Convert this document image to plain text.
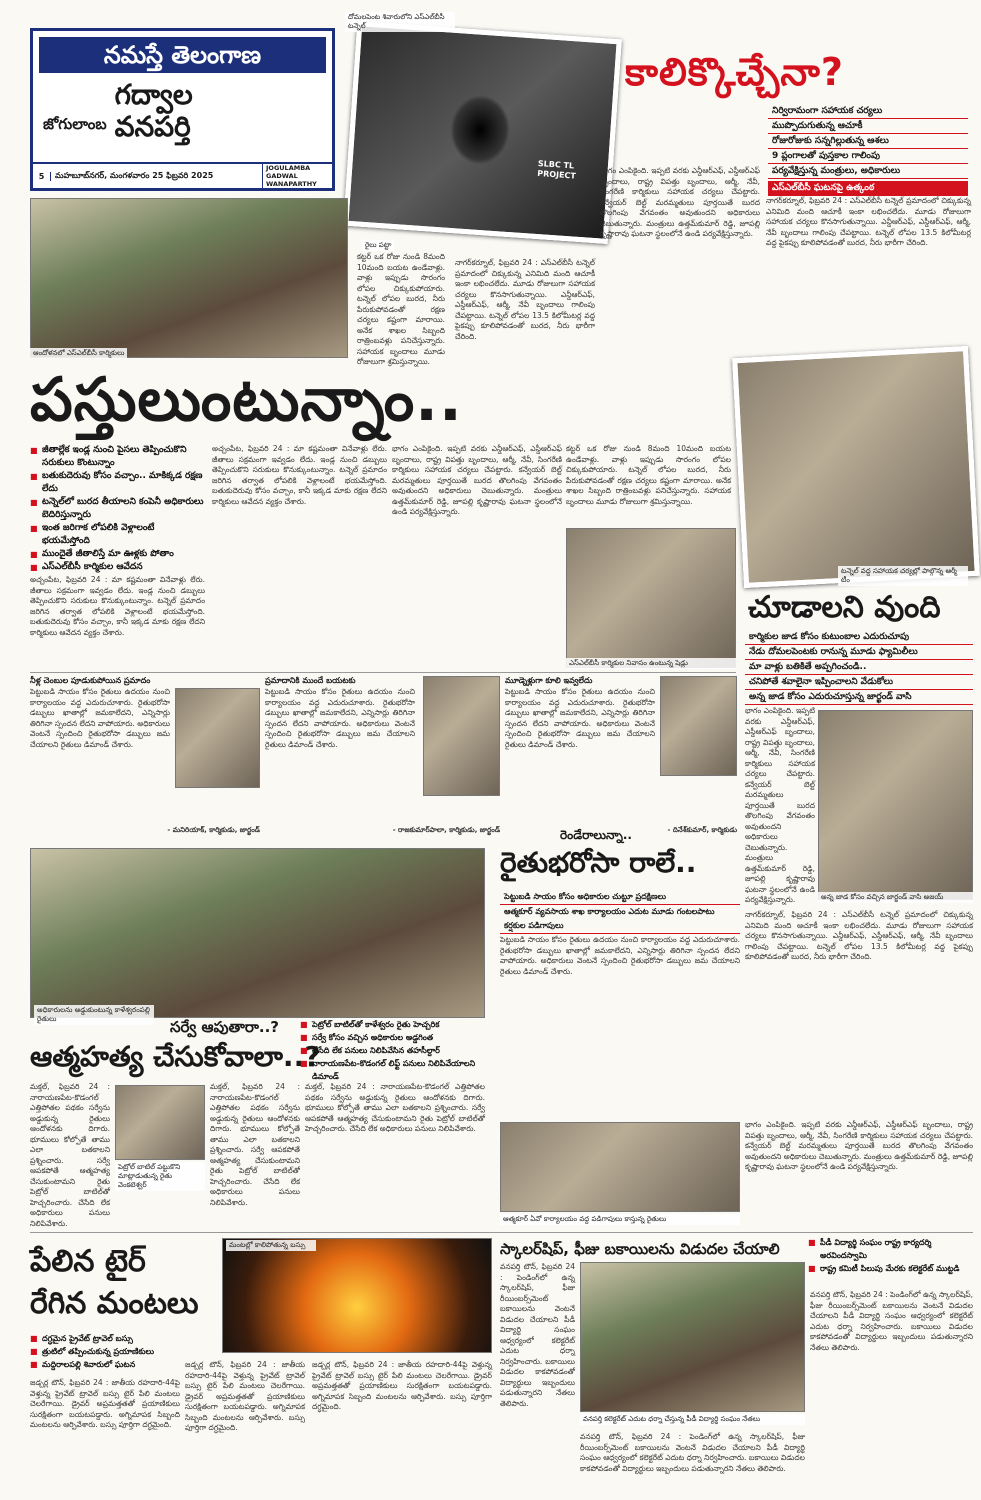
నమస్తే తెలంగాణ
జోగులాంబ
గద్వాల
వనపర్తి
5	మహబూబ్‌నగర్, మంగళవారం 25 ఫిబ్రవరి 2025
JOGULAMBA GADWAL WANAPARTHY
SLBC TL PROJECT
దోమలపెంట శివారులోని ఎస్‌ఎల్‌బీసీ టన్నెల్
కాలిక్కొచ్చేనా?
నిర్విరామంగా సహాయక చర్యలు
ముప్పొదుగుతున్న ఆచూకీ
రోజురోజుకు సన్నగిల్లుతున్న ఆశలు
9 ప్లంగాలతో పుస్తకాల గాలింపు
పర్యవేక్షిస్తున్న మంత్రులు, అధికారులు
ఎస్‌ఎల్‌బీసీ ఘటనపై ఉత్కంఠ
కట్టర్ ఒక రోజు నుండి 8మంది 10మంది బయట ఉండేవాళ్లు. వాళ్లు ఇప్పుడు సొరంగం లోపల చిక్కుకుపోయారు. టన్నెల్ లోపల బురద, నీరు పేరుకుపోవడంతో రక్షణ చర్యలు కష్టంగా మారాయి. అనేక శాఖల సిబ్బంది రాత్రింబవళ్లు పనిచేస్తున్నారు. సహాయక బృందాలు మూడు రోజులుగా శ్రమిస్తున్నాయి.
నాగర్‌కర్నూల్, ఫిబ్రవరి 24 : ఎస్‌ఎల్‌బీసీ టన్నెల్ ప్రమాదంలో చిక్కుకున్న ఎనిమిది మంది ఆచూకీ ఇంకా లభించలేదు. మూడు రోజులుగా సహాయక చర్యలు కొనసాగుతున్నాయి. ఎన్డీఆర్ఎఫ్, ఎస్డీఆర్ఎఫ్, ఆర్మీ, నేవీ బృందాలు గాలింపు చేపట్టాయి. టన్నెల్ లోపల 13.5 కిలోమీటర్ల వద్ద పైకప్పు కూలిపోవడంతో బురద, నీరు భారీగా చేరింది.
భాగం ఎంపికైంది. ఇప్పటి వరకు ఎన్డీఆర్ఎఫ్, ఎస్డీఆర్ఎఫ్ బృందాలు, రాష్ట్ర విపత్తు బృందాలు, ఆర్మీ, నేవీ, సింగరేణి కార్మికులు సహాయక చర్యలు చేపట్టారు. కన్వేయర్ బెల్ట్ మరమ్మతులు పూర్తయితే బురద తొలగింపు వేగవంతం అవుతుందని అధికారులు చెబుతున్నారు. మంత్రులు ఉత్తమ్‌కుమార్ రెడ్డి, జూపల్లి కృష్ణారావు ఘటనా స్థలంలోనే ఉండి పర్యవేక్షిస్తున్నారు.
నాగర్‌కర్నూల్, ఫిబ్రవరి 24 : ఎస్‌ఎల్‌బీసీ టన్నెల్ ప్రమాదంలో చిక్కుకున్న ఎనిమిది మంది ఆచూకీ ఇంకా లభించలేదు. మూడు రోజులుగా సహాయక చర్యలు కొనసాగుతున్నాయి. ఎన్డీఆర్ఎఫ్, ఎస్డీఆర్ఎఫ్, ఆర్మీ, నేవీ బృందాలు గాలింపు చేపట్టాయి. టన్నెల్ లోపల 13.5 కిలోమీటర్ల వద్ద పైకప్పు కూలిపోవడంతో బురద, నీరు భారీగా చేరింది.
ఆందోళనలో ఎస్‌ఎల్‌బీసీ కార్మికులు
రైలు పట్టా
పస్తులుంటున్నాం..
టన్నెల్ వద్ద సహాయక చర్యల్లో పాల్గొన్న ఆర్మీ టీం
■ జీతాల్లేక ఇండ్ల నుంచి పైసలు తెప్పించుకొని సరుకులు కొంటున్నాం
■ బతుకుదెరువు కోసం వచ్చాం.. మాకిక్కడ రక్షణ లేదు
■ టన్నెల్‌లో బురద తీయాలని కంపెనీ అధికారులు బెదిరిస్తున్నారు
■ ఇంత జరిగాక లోపలికి వెళ్లాలంటే భయమేస్తోంది
■ ముందైతే జీతాలిస్తే మా ఊళ్లకు పోతాం
■ ఎస్‌ఎల్‌బీసీ కార్మికుల ఆవేదన
అచ్చంపేట, ఫిబ్రవరి 24 : మా కష్టమంతా వినేవాళ్లు లేరు. జీతాలు సక్రమంగా ఇవ్వడం లేదు. ఇండ్ల నుంచి డబ్బులు తెప్పించుకొని సరుకులు కొనుక్కుంటున్నాం. టన్నెల్ ప్రమాదం జరిగిన తర్వాత లోపలికి వెళ్లాలంటే భయమేస్తోంది. బతుకుదెరువు కోసం వచ్చాం, కానీ ఇక్కడ మాకు రక్షణ లేదని కార్మికులు ఆవేదన వ్యక్తం చేశారు.
అచ్చంపేట, ఫిబ్రవరి 24 : మా కష్టమంతా వినేవాళ్లు లేరు. జీతాలు సక్రమంగా ఇవ్వడం లేదు. ఇండ్ల నుంచి డబ్బులు తెప్పించుకొని సరుకులు కొనుక్కుంటున్నాం. టన్నెల్ ప్రమాదం జరిగిన తర్వాత లోపలికి వెళ్లాలంటే భయమేస్తోంది. బతుకుదెరువు కోసం వచ్చాం, కానీ ఇక్కడ మాకు రక్షణ లేదని కార్మికులు ఆవేదన వ్యక్తం చేశారు.
భాగం ఎంపికైంది. ఇప్పటి వరకు ఎన్డీఆర్ఎఫ్, ఎస్డీఆర్ఎఫ్ బృందాలు, రాష్ట్ర విపత్తు బృందాలు, ఆర్మీ, నేవీ, సింగరేణి కార్మికులు సహాయక చర్యలు చేపట్టారు. కన్వేయర్ బెల్ట్ మరమ్మతులు పూర్తయితే బురద తొలగింపు వేగవంతం అవుతుందని అధికారులు చెబుతున్నారు. మంత్రులు ఉత్తమ్‌కుమార్ రెడ్డి, జూపల్లి కృష్ణారావు ఘటనా స్థలంలోనే ఉండి పర్యవేక్షిస్తున్నారు.
కట్టర్ ఒక రోజు నుండి 8మంది 10మంది బయట ఉండేవాళ్లు. వాళ్లు ఇప్పుడు సొరంగం లోపల చిక్కుకుపోయారు. టన్నెల్ లోపల బురద, నీరు పేరుకుపోవడంతో రక్షణ చర్యలు కష్టంగా మారాయి. అనేక శాఖల సిబ్బంది రాత్రింబవళ్లు పనిచేస్తున్నారు. సహాయక బృందాలు మూడు రోజులుగా శ్రమిస్తున్నాయి.
ఎస్‌ఎల్‌బీసీ కార్మికుల నివాసం ఉంటున్న షెడ్లు
నీళ్ల చెంబుల పూడుకుపోయిన ప్రమాదం
పెట్టుబడి సాయం కోసం రైతులు ఉదయం నుంచి కార్యాలయం వద్ద ఎదురుచూశారు. రైతుభరోసా డబ్బులు ఖాతాల్లో జమకాలేదని, ఎన్నిసార్లు తిరిగినా స్పందన లేదని వాపోయారు. అధికారులు వెంటనే స్పందించి రైతుభరోసా డబ్బులు జమ చేయాలని రైతులు డిమాండ్ చేశారు.
- మనిరియాక్, కార్మికుడు, జార్ఖండ్
ప్రమాదానికి ముందే బయటకు
పెట్టుబడి సాయం కోసం రైతులు ఉదయం నుంచి కార్యాలయం వద్ద ఎదురుచూశారు. రైతుభరోసా డబ్బులు ఖాతాల్లో జమకాలేదని, ఎన్నిసార్లు తిరిగినా స్పందన లేదని వాపోయారు. అధికారులు వెంటనే స్పందించి రైతుభరోసా డబ్బులు జమ చేయాలని రైతులు డిమాండ్ చేశారు.
- రాజకుమార్‌పాలా, కార్మికుడు, జార్ఖండ్
మూడ్నెళ్లుగా కూలి ఇవ్వలేదు
పెట్టుబడి సాయం కోసం రైతులు ఉదయం నుంచి కార్యాలయం వద్ద ఎదురుచూశారు. రైతుభరోసా డబ్బులు ఖాతాల్లో జమకాలేదని, ఎన్నిసార్లు తిరిగినా స్పందన లేదని వాపోయారు. అధికారులు వెంటనే స్పందించి రైతుభరోసా డబ్బులు జమ చేయాలని రైతులు డిమాండ్ చేశారు.
- దినేశ్‌కుమార్, కార్మికుడు
చూడాలని వుంది
కార్మికుల జాడ కోసం కుటుంబాల ఎదురుచూపు
నేడు దోమలపెంటకు రానున్న మూడు ఫ్యామిలీలు
మా వాళ్లు బతికితే అప్పగించండి..
చనిపోతే శవాలైనా ఇప్పించాలని వేడుకోలు
అన్న జాడ కోసం ఎదురుచూస్తున్న జార్ఖండ్ వాసి
భాగం ఎంపికైంది. ఇప్పటి వరకు ఎన్డీఆర్ఎఫ్, ఎస్డీఆర్ఎఫ్ బృందాలు, రాష్ట్ర విపత్తు బృందాలు, ఆర్మీ, నేవీ, సింగరేణి కార్మికులు సహాయక చర్యలు చేపట్టారు. కన్వేయర్ బెల్ట్ మరమ్మతులు పూర్తయితే బురద తొలగింపు వేగవంతం అవుతుందని అధికారులు చెబుతున్నారు. మంత్రులు ఉత్తమ్‌కుమార్ రెడ్డి, జూపల్లి కృష్ణారావు ఘటనా స్థలంలోనే ఉండి పర్యవేక్షిస్తున్నారు.	అన్న జాడ కోసం వచ్చిన జార్ఖండ్ వాసి అజయ్
నాగర్‌కర్నూల్, ఫిబ్రవరి 24 : ఎస్‌ఎల్‌బీసీ టన్నెల్ ప్రమాదంలో చిక్కుకున్న ఎనిమిది మంది ఆచూకీ ఇంకా లభించలేదు. మూడు రోజులుగా సహాయక చర్యలు కొనసాగుతున్నాయి. ఎన్డీఆర్ఎఫ్, ఎస్డీఆర్ఎఫ్, ఆర్మీ, నేవీ బృందాలు గాలింపు చేపట్టాయి. టన్నెల్ లోపల 13.5 కిలోమీటర్ల వద్ద పైకప్పు కూలిపోవడంతో బురద, నీరు భారీగా చేరింది.
అధికారులను అడ్డుకుంటున్న కాళేశ్వరంపల్లి రైతులు	సర్వే ఆపుతారా..?
ఆత్మహత్య చేసుకోవాలా..?
■ పెట్రోల్ బాటిల్‌తో కాళేశ్వరం రైతు హెచ్చరిక
■ సర్వే కోసం వచ్చిన అధికారుల అడ్డగింత
■ చేసేది లేక పనులు నిలిపివేసిన తహసీల్దార్
■ నారాయణపేట-కొడంగల్ లిఫ్ట్ పనులు నిలిపివేయాలని డిమాండ్
మక్తల్, ఫిబ్రవరి 24 : నారాయణపేట-కొడంగల్ ఎత్తిపోతల పథకం సర్వేను అడ్డుకున్న రైతులు ఆందోళనకు దిగారు. భూములు కోల్పోతే తాము ఎలా బతకాలని ప్రశ్నించారు. సర్వే ఆపకపోతే ఆత్మహత్య చేసుకుంటామని రైతు పెట్రోల్ బాటిల్‌తో హెచ్చరించారు. చేసేది లేక అధికారులు పనులు నిలిపివేశారు.
పెట్రోల్ బాటిల్ పట్టుకొని మాట్లాడుతున్న రైతు వెంకటెశ్వర్‌
మక్తల్, ఫిబ్రవరి 24 : నారాయణపేట-కొడంగల్ ఎత్తిపోతల పథకం సర్వేను అడ్డుకున్న రైతులు ఆందోళనకు దిగారు. భూములు కోల్పోతే తాము ఎలా బతకాలని ప్రశ్నించారు. సర్వే ఆపకపోతే ఆత్మహత్య చేసుకుంటామని రైతు పెట్రోల్ బాటిల్‌తో హెచ్చరించారు. చేసేది లేక అధికారులు పనులు నిలిపివేశారు.
మక్తల్, ఫిబ్రవరి 24 : నారాయణపేట-కొడంగల్ ఎత్తిపోతల పథకం సర్వేను అడ్డుకున్న రైతులు ఆందోళనకు దిగారు. భూములు కోల్పోతే తాము ఎలా బతకాలని ప్రశ్నించారు. సర్వే ఆపకపోతే ఆత్మహత్య చేసుకుంటామని రైతు పెట్రోల్ బాటిల్‌తో హెచ్చరించారు. చేసేది లేక అధికారులు పనులు నిలిపివేశారు.
రెండేరాలున్నా..
రైతుభరోసా రాలే..
పెట్టుబడి సాయం కోసం అధికారుల చుట్టూ ప్రదక్షిణలు
ఆత్మకూర్ వ్యవసాయ శాఖ కార్యాలయం ఎదుట మూడు గంటలపాటు కర్షకుల పడిగాపులు
పెట్టుబడి సాయం కోసం రైతులు ఉదయం నుంచి కార్యాలయం వద్ద ఎదురుచూశారు. రైతుభరోసా డబ్బులు ఖాతాల్లో జమకాలేదని, ఎన్నిసార్లు తిరిగినా స్పందన లేదని వాపోయారు. అధికారులు వెంటనే స్పందించి రైతుభరోసా డబ్బులు జమ చేయాలని రైతులు డిమాండ్ చేశారు.
ఆత్మకూర్ ఏవో కార్యాలయం వద్ద పడిగాపులు కాస్తున్న రైతులు
భాగం ఎంపికైంది. ఇప్పటి వరకు ఎన్డీఆర్ఎఫ్, ఎస్డీఆర్ఎఫ్ బృందాలు, రాష్ట్ర విపత్తు బృందాలు, ఆర్మీ, నేవీ, సింగరేణి కార్మికులు సహాయక చర్యలు చేపట్టారు. కన్వేయర్ బెల్ట్ మరమ్మతులు పూర్తయితే బురద తొలగింపు వేగవంతం అవుతుందని అధికారులు చెబుతున్నారు. మంత్రులు ఉత్తమ్‌కుమార్ రెడ్డి, జూపల్లి కృష్ణారావు ఘటనా స్థలంలోనే ఉండి పర్యవేక్షిస్తున్నారు.
పేలిన టైర్
రేగిన మంటలు
మంటల్లో కాలిపోతున్న బస్సు
■ దగ్ధమైన ప్రైవేట్ ట్రావెల్ బస్సు
■ త్రుటిలో తప్పించుకున్న ప్రయాణికులు
■ మద్దిరాలపల్లి శివారులో ఘటన
జడ్చర్ల టౌన్, ఫిబ్రవరి 24 : జాతీయ రహదారి-44పై వెళ్తున్న ప్రైవేట్ ట్రావెల్ బస్సు టైర్ పేలి మంటలు చెలరేగాయి. డ్రైవర్ అప్రమత్తతతో ప్రయాణికులు సురక్షితంగా బయటపడ్డారు. అగ్నిమాపక సిబ్బంది మంటలను ఆర్పివేశారు. బస్సు పూర్తిగా దగ్ధమైంది.
జడ్చర్ల టౌన్, ఫిబ్రవరి 24 : జాతీయ రహదారి-44పై వెళ్తున్న ప్రైవేట్ ట్రావెల్ బస్సు టైర్ పేలి మంటలు చెలరేగాయి. డ్రైవర్ అప్రమత్తతతో ప్రయాణికులు సురక్షితంగా బయటపడ్డారు. అగ్నిమాపక సిబ్బంది మంటలను ఆర్పివేశారు. బస్సు పూర్తిగా దగ్ధమైంది.
జడ్చర్ల టౌన్, ఫిబ్రవరి 24 : జాతీయ రహదారి-44పై వెళ్తున్న ప్రైవేట్ ట్రావెల్ బస్సు టైర్ పేలి మంటలు చెలరేగాయి. డ్రైవర్ అప్రమత్తతతో ప్రయాణికులు సురక్షితంగా బయటపడ్డారు. అగ్నిమాపక సిబ్బంది మంటలను ఆర్పివేశారు. బస్సు పూర్తిగా దగ్ధమైంది.
స్కాలర్‌షిప్, ఫీజు బకాయిలను విడుదల చేయాలి
■	పీడీ విద్యార్థి సంఘం రాష్ట్ర కార్యదర్శి అరవిందస్వామి
■ రాష్ట్ర కమిటీ పిలుపు మేరకు కలెక్టరేట్ ముట్టడి
వనపర్తి టౌన్, ఫిబ్రవరి 24 : పెండింగ్‌లో ఉన్న స్కాలర్‌షిప్, ఫీజు రీయింబర్స్‌మెంట్ బకాయిలను వెంటనే విడుదల చేయాలని పీడీ విద్యార్థి సంఘం ఆధ్వర్యంలో కలెక్టరేట్ ఎదుట ధర్నా నిర్వహించారు. బకాయిలు విడుదల కాకపోవడంతో విద్యార్థులు ఇబ్బందులు పడుతున్నారని నేతలు తెలిపారు.
వనపర్తి కలెక్టరేట్ ఎదుట ధర్నా చేస్తున్న పీడీ విద్యార్థి సంఘం నేతలు
వనపర్తి టౌన్, ఫిబ్రవరి 24 : పెండింగ్‌లో ఉన్న స్కాలర్‌షిప్, ఫీజు రీయింబర్స్‌మెంట్ బకాయిలను వెంటనే విడుదల చేయాలని పీడీ విద్యార్థి సంఘం ఆధ్వర్యంలో కలెక్టరేట్ ఎదుట ధర్నా నిర్వహించారు. బకాయిలు విడుదల కాకపోవడంతో విద్యార్థులు ఇబ్బందులు పడుతున్నారని నేతలు తెలిపారు.
వనపర్తి టౌన్, ఫిబ్రవరి 24 : పెండింగ్‌లో ఉన్న స్కాలర్‌షిప్, ఫీజు రీయింబర్స్‌మెంట్ బకాయిలను వెంటనే విడుదల చేయాలని పీడీ విద్యార్థి సంఘం ఆధ్వర్యంలో కలెక్టరేట్ ఎదుట ధర్నా నిర్వహించారు. బకాయిలు విడుదల కాకపోవడంతో విద్యార్థులు ఇబ్బందులు పడుతున్నారని నేతలు తెలిపారు.
